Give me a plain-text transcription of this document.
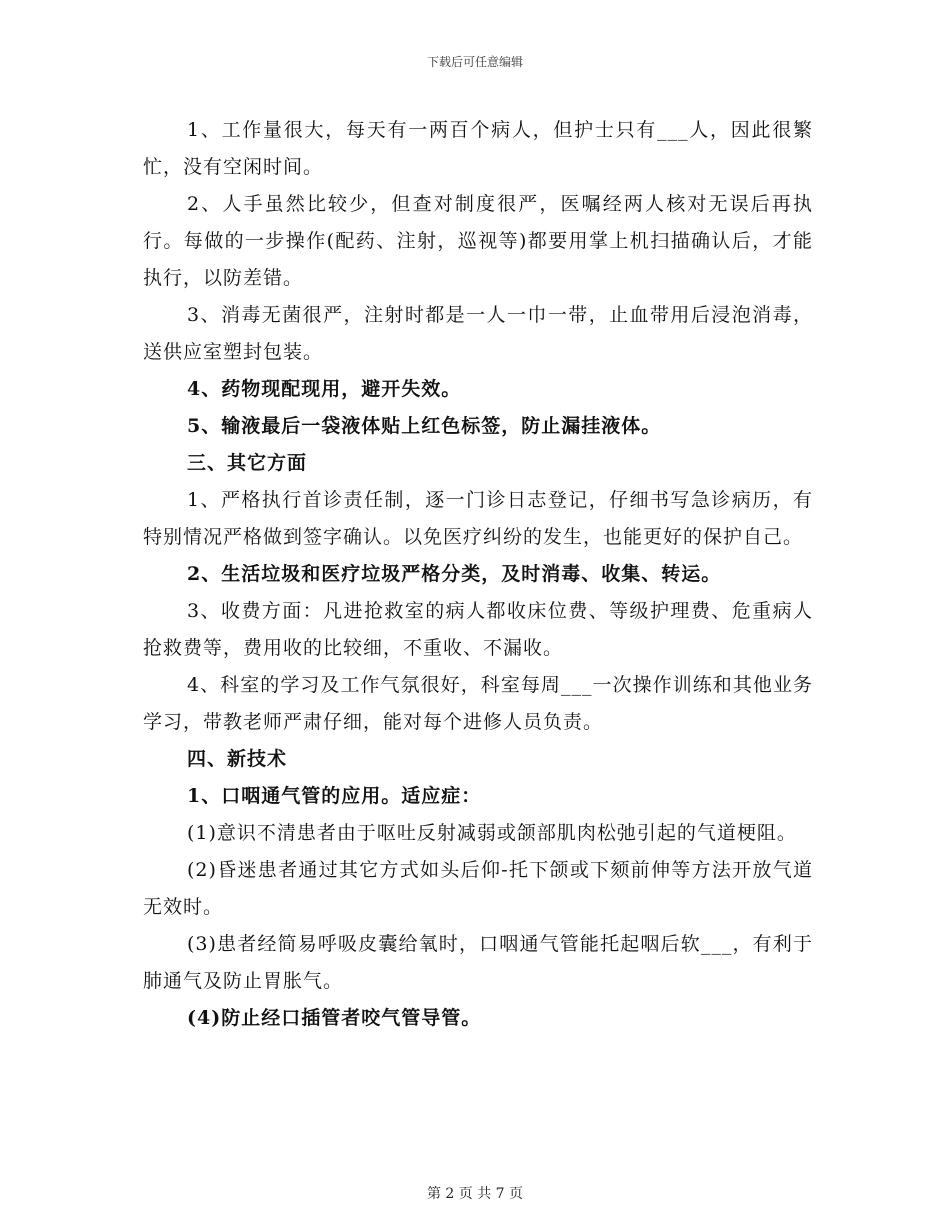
下载后可任意编辑

1、工作量很大，每天有一两百个病人，但护士只有___人，因此很繁忙，没有空闲时间。

2、人手虽然比较少，但查对制度很严，医嘱经两人核对无误后再执行。每做的一步操作(配药、注射，巡视等)都要用掌上机扫描确认后，才能执行，以防差错。

3、消毒无菌很严，注射时都是一人一巾一带，止血带用后浸泡消毒，送供应室塑封包装。

4、药物现配现用，避开失效。

5、输液最后一袋液体贴上红色标签，防止漏挂液体。

三、其它方面

1、严格执行首诊责任制，逐一门诊日志登记，仔细书写急诊病历，有特别情况严格做到签字确认。以免医疗纠纷的发生，也能更好的保护自己。

2、生活垃圾和医疗垃圾严格分类，及时消毒、收集、转运。

3、收费方面：凡进抢救室的病人都收床位费、等级护理费、危重病人抢救费等，费用收的比较细，不重收、不漏收。

4、科室的学习及工作气氛很好，科室每周___一次操作训练和其他业务学习，带教老师严肃仔细，能对每个进修人员负责。

四、新技术

1、口咽通气管的应用。适应症：

(1)意识不清患者由于呕吐反射减弱或颌部肌肉松弛引起的气道梗阻。

(2)昏迷患者通过其它方式如头后仰-托下颌或下颏前伸等方法开放气道无效时。

(3)患者经简易呼吸皮囊给氧时，口咽通气管能托起咽后软___，有利于肺通气及防止胃胀气。

(4)防止经口插管者咬气管导管。

第 2 页 共 7 页
